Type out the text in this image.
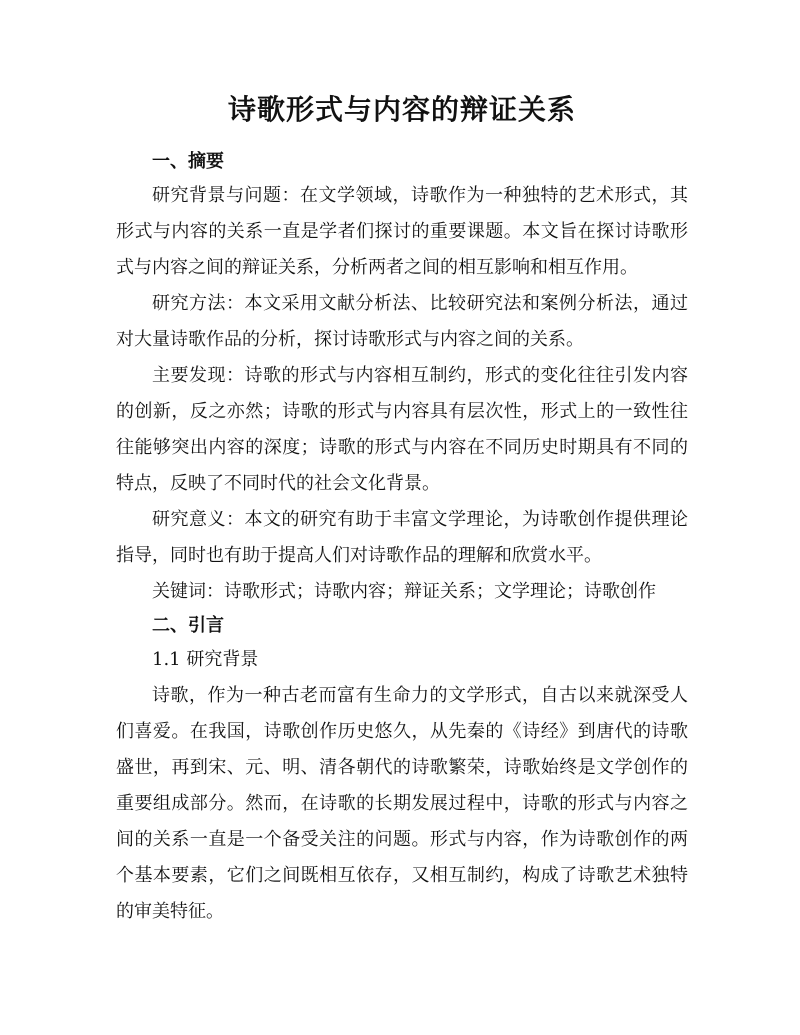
诗歌形式与内容的辩证关系
一、摘要

研究背景与问题：在文学领域，诗歌作为一种独特的艺术形式，其形式与内容的关系一直是学者们探讨的重要课题。本文旨在探讨诗歌形式与内容之间的辩证关系，分析两者之间的相互影响和相互作用。

研究方法：本文采用文献分析法、比较研究法和案例分析法，通过对大量诗歌作品的分析，探讨诗歌形式与内容之间的关系。

主要发现：诗歌的形式与内容相互制约，形式的变化往往引发内容的创新，反之亦然；诗歌的形式与内容具有层次性，形式上的一致性往往能够突出内容的深度；诗歌的形式与内容在不同历史时期具有不同的特点，反映了不同时代的社会文化背景。

研究意义：本文的研究有助于丰富文学理论，为诗歌创作提供理论指导，同时也有助于提高人们对诗歌作品的理解和欣赏水平。

关键词：诗歌形式；诗歌内容；辩证关系；文学理论；诗歌创作

二、引言

1.1 研究背景

诗歌，作为一种古老而富有生命力的文学形式，自古以来就深受人们喜爱。在我国，诗歌创作历史悠久，从先秦的《诗经》到唐代的诗歌盛世，再到宋、元、明、清各朝代的诗歌繁荣，诗歌始终是文学创作的重要组成部分。然而，在诗歌的长期发展过程中，诗歌的形式与内容之间的关系一直是一个备受关注的问题。形式与内容，作为诗歌创作的两个基本要素，它们之间既相互依存，又相互制约，构成了诗歌艺术独特的审美特征。
